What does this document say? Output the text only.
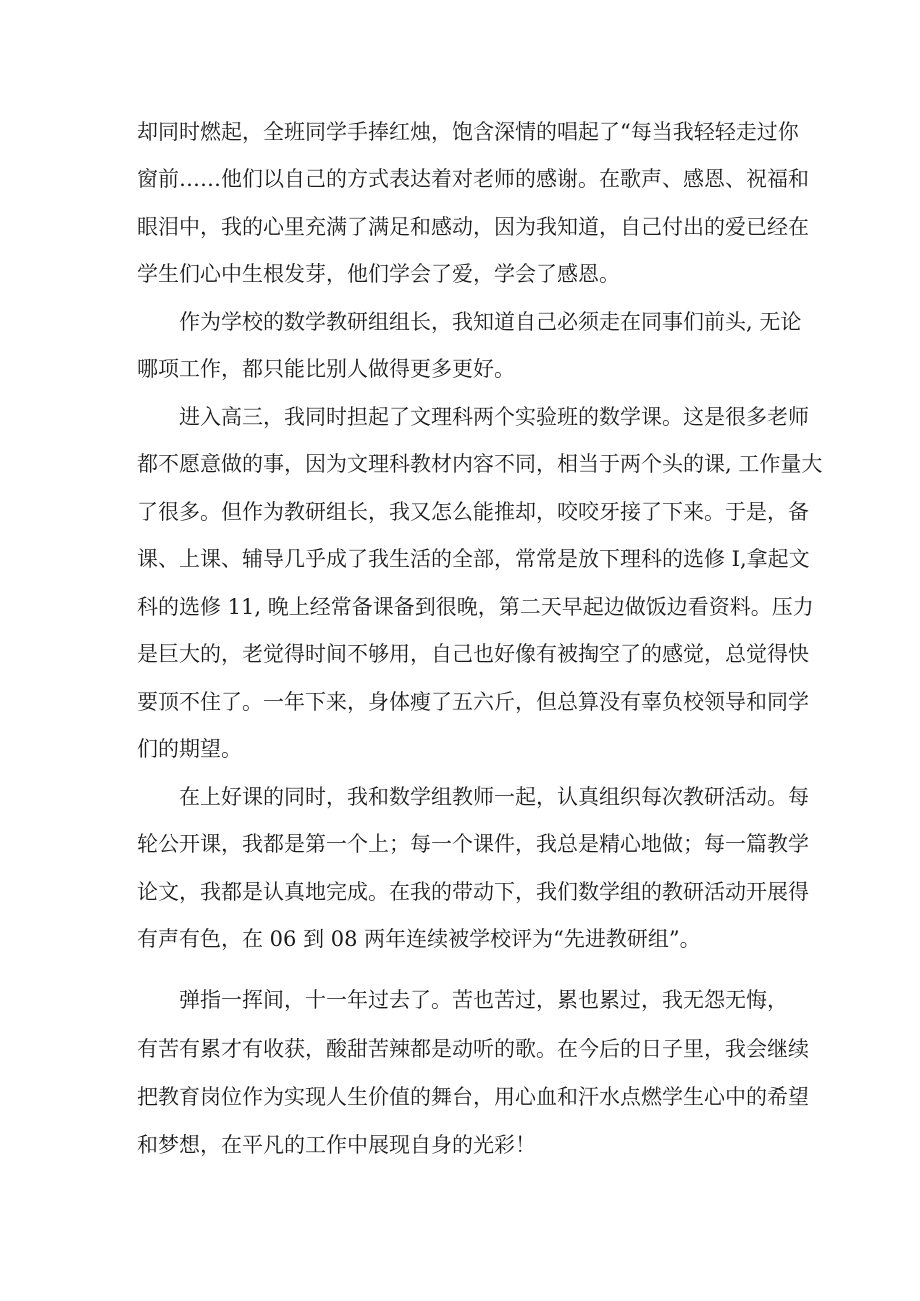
却同时燃起，全班同学手捧红烛，饱含深情的唱起了“每当我轻轻走过你
窗前……他们以自己的方式表达着对老师的感谢。在歌声、感恩、祝福和
眼泪中，我的心里充满了满足和感动，因为我知道，自己付出的爱已经在
学生们心中生根发芽，他们学会了爱，学会了感恩。
作为学校的数学教研组组长，我知道自己必须走在同事们前头, 无论
哪项工作，都只能比别人做得更多更好。
进入高三，我同时担起了文理科两个实验班的数学课。这是很多老师
都不愿意做的事，因为文理科教材内容不同，相当于两个头的课, 工作量大
了很多。但作为教研组长，我又怎么能推却，咬咬牙接了下来。于是，备
课、上课、辅导几乎成了我生活的全部，常常是放下理科的选修 I,拿起文
科的选修 11, 晚上经常备课备到很晚，第二天早起边做饭边看资料。压力
是巨大的，老觉得时间不够用，自己也好像有被掏空了的感觉，总觉得快
要顶不住了。一年下来，身体瘦了五六斤，但总算没有辜负校领导和同学
们的期望。
在上好课的同时，我和数学组教师一起，认真组织每次教研活动。每
轮公开课，我都是第一个上；每一个课件，我总是精心地做；每一篇教学
论文，我都是认真地完成。在我的带动下，我们数学组的教研活动开展得
有声有色，在 06 到 08 两年连续被学校评为“先进教研组”。
弹指一挥间，十一年过去了。苦也苦过，累也累过，我无怨无悔，
有苦有累才有收获，酸甜苦辣都是动听的歌。在今后的日子里，我会继续
把教育岗位作为实现人生价值的舞台，用心血和汗水点燃学生心中的希望
和梦想，在平凡的工作中展现自身的光彩！
